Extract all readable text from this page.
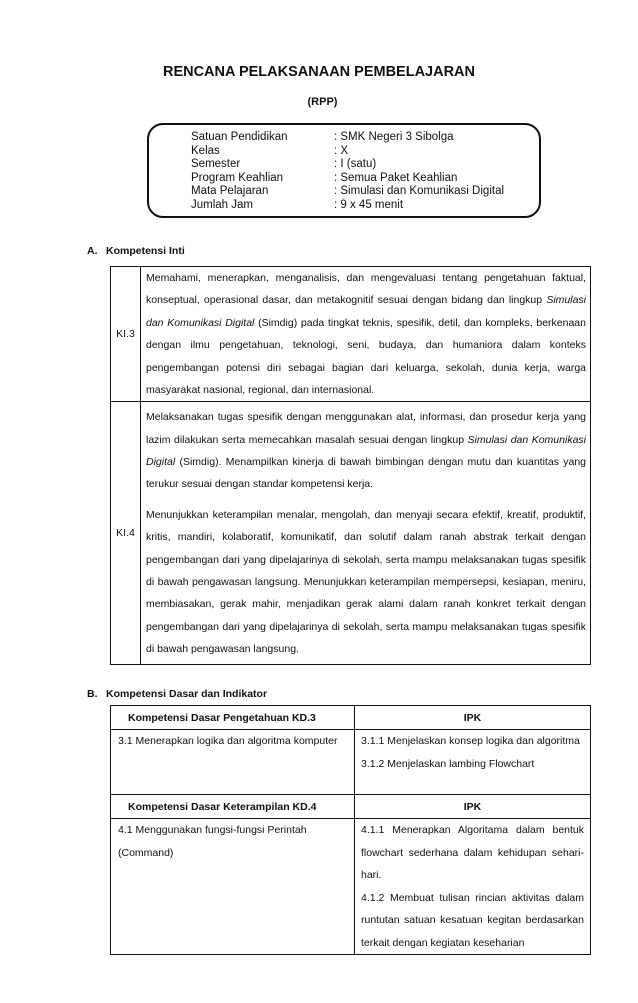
RENCANA PELAKSANAAN PEMBELAJARAN
(RPP)
Satuan Pendidikan	: SMK Negeri 3 Sibolga
Kelas	: X
Semester	: I (satu)
Program Keahlian	: Semua Paket Keahlian
Mata Pelajaran	: Simulasi dan Komunikasi Digital
Jumlah Jam	: 9 x 45 menit
A. Kompetensi Inti
KI.3	Memahami, menerapkan, menganalisis, dan mengevaluasi tentang pengetahuan faktual, konseptual, operasional dasar, dan metakognitif sesuai dengan bidang dan lingkup Simulasi dan Komunikasi Digital (Simdig) pada tingkat teknis, spesifik, detil, dan kompleks, berkenaan dengan ilmu pengetahuan, teknologi, seni, budaya, dan humaniora dalam konteks pengembangan potensi diri sebagai bagian dari keluarga, sekolah, dunia kerja, warga masyarakat nasional, regional, dan internasional.
KI.4	Melaksanakan tugas spesifik dengan menggunakan alat, informasi, dan prosedur kerja yang lazim dilakukan serta memecahkan masalah sesuai dengan lingkup Simulasi dan Komunikasi Digital (Simdig). Menampilkan kinerja di bawah bimbingan dengan mutu dan kuantitas yang terukur sesuai dengan standar kompetensi kerja.

Menunjukkan keterampilan menalar, mengolah, dan menyaji secara efektif, kreatif, produktif, kritis, mandiri, kolaboratif, komunikatif, dan solutif dalam ranah abstrak terkait dengan pengembangan dari yang dipelajarinya di sekolah, serta mampu melaksanakan tugas spesifik di bawah pengawasan langsung. Menunjukkan keterampilan mempersepsi, kesiapan, meniru, membiasakan, gerak mahir, menjadikan gerak alami dalam ranah konkret terkait dengan pengembangan dari yang dipelajarinya di sekolah, serta mampu melaksanakan tugas spesifik di bawah pengawasan langsung.

B. Kompetensi Dasar dan Indikator
Kompetensi Dasar Pengetahuan KD.3	IPK
3.1 Menerapkan logika dan algoritma komputer	3.1.1 Menjelaskan konsep logika dan algoritma
3.1.2 Menjelaskan lambing Flowchart

Kompetensi Dasar Keterampilan KD.4	IPK
4.1 Menggunakan fungsi-fungsi Perintah (Command)	4.1.1 Menerapkan Algoritama dalam bentuk flowchart sederhana dalam kehidupan sehari-hari.
4.1.2 Membuat tulisan rincian aktivitas dalam runtutan satuan kesatuan kegitan berdasarkan terkait dengan kegiatan keseharian
